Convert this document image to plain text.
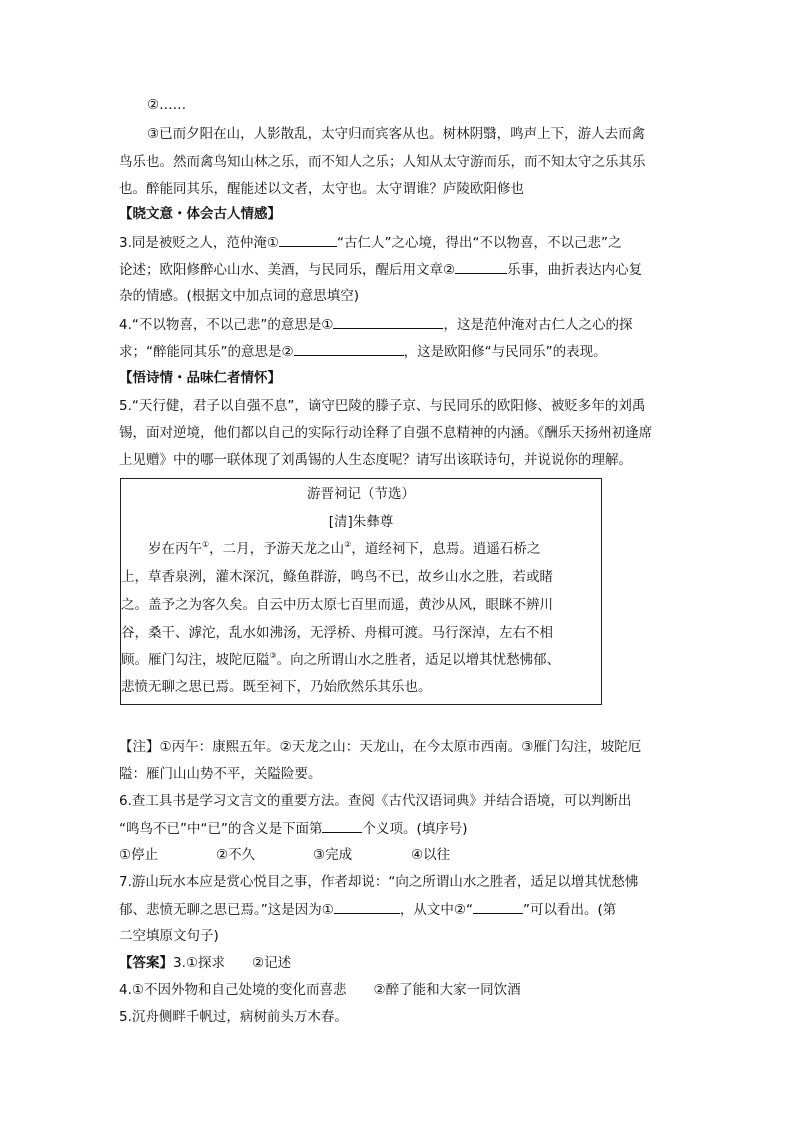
②……
③已而夕阳在山，人影散乱，太守归而宾客从也。树林阴翳，鸣声上下，游人去而禽
鸟乐也。然而禽鸟知山林之乐，而不知人之乐；人知从太守游而乐，而不知太守之乐其乐
也。醉能同其乐，醒能述以文者，太守也。太守谓谁？庐陵欧阳修也
【晓文意・体会古人情感】
3.同是被贬之人，范仲淹①	“古仁人”之心境，得出“不以物喜，不以己悲”之
论述；欧阳修醉心山水、美酒，与民同乐，醒后用文章②	乐事，曲折表达内心复
杂的情感。(根据文中加点词的意思填空)
4.“不以物喜，不以己悲”的意思是①	，这是范仲淹对古仁人之心的探
求；“醉能同其乐”的意思是②	，这是欧阳修“与民同乐”的表现。
【悟诗情・品味仁者情怀】
5.“天行健，君子以自强不息”，谪守巴陵的滕子京、与民同乐的欧阳修、被贬多年的刘禹
锡，面对逆境，他们都以自己的实际行动诠释了自强不息精神的内涵。《酬乐天扬州初逢席
上见赠》中的哪一联体现了刘禹锡的人生态度呢？请写出该联诗句，并说说你的理解。
游晋祠记（节选）
[清]朱彝尊
岁在丙午①，二月，予游天龙之山②，道经祠下，息焉。逍遥石桥之
上，草香泉洌，灌木深沉，鲦鱼群游，鸣鸟不已，故乡山水之胜，若或睹
之。盖予之为客久矣。自云中历太原七百里而遥，黄沙从风，眼眯不辨川
谷，桑干、滹沱，乱水如沸汤，无浮桥、舟楫可渡。马行深淖，左右不相
顾。雁门勾注，坡陀厄隘③。向之所谓山水之胜者，适足以增其忧愁怫郁、
悲愤无聊之思已焉。既至祠下，乃始欣然乐其乐也。
【注】①丙午：康熙五年。②天龙之山：天龙山，在今太原市西南。③雁门勾注，坡陀厄
隘：雁门山山势不平，关隘险要。
6.查工具书是学习文言文的重要方法。查阅《古代汉语词典》并结合语境，可以判断出
“鸣鸟不已”中“已”的含义是下面第	个义项。(填序号)
①停止	②不久	③完成	④以往
7.游山玩水本应是赏心悦目之事，作者却说：“向之所谓山水之胜者，适足以增其忧愁怫
郁、悲愤无聊之思已焉。”这是因为①	，从文中②“	”可以看出。(第
二空填原文句子)
【答案】3.①探求　　②记述
4.①不因外物和自己处境的变化而喜悲　　②醉了能和大家一同饮酒
5.沉舟侧畔千帆过，病树前头万木春。
